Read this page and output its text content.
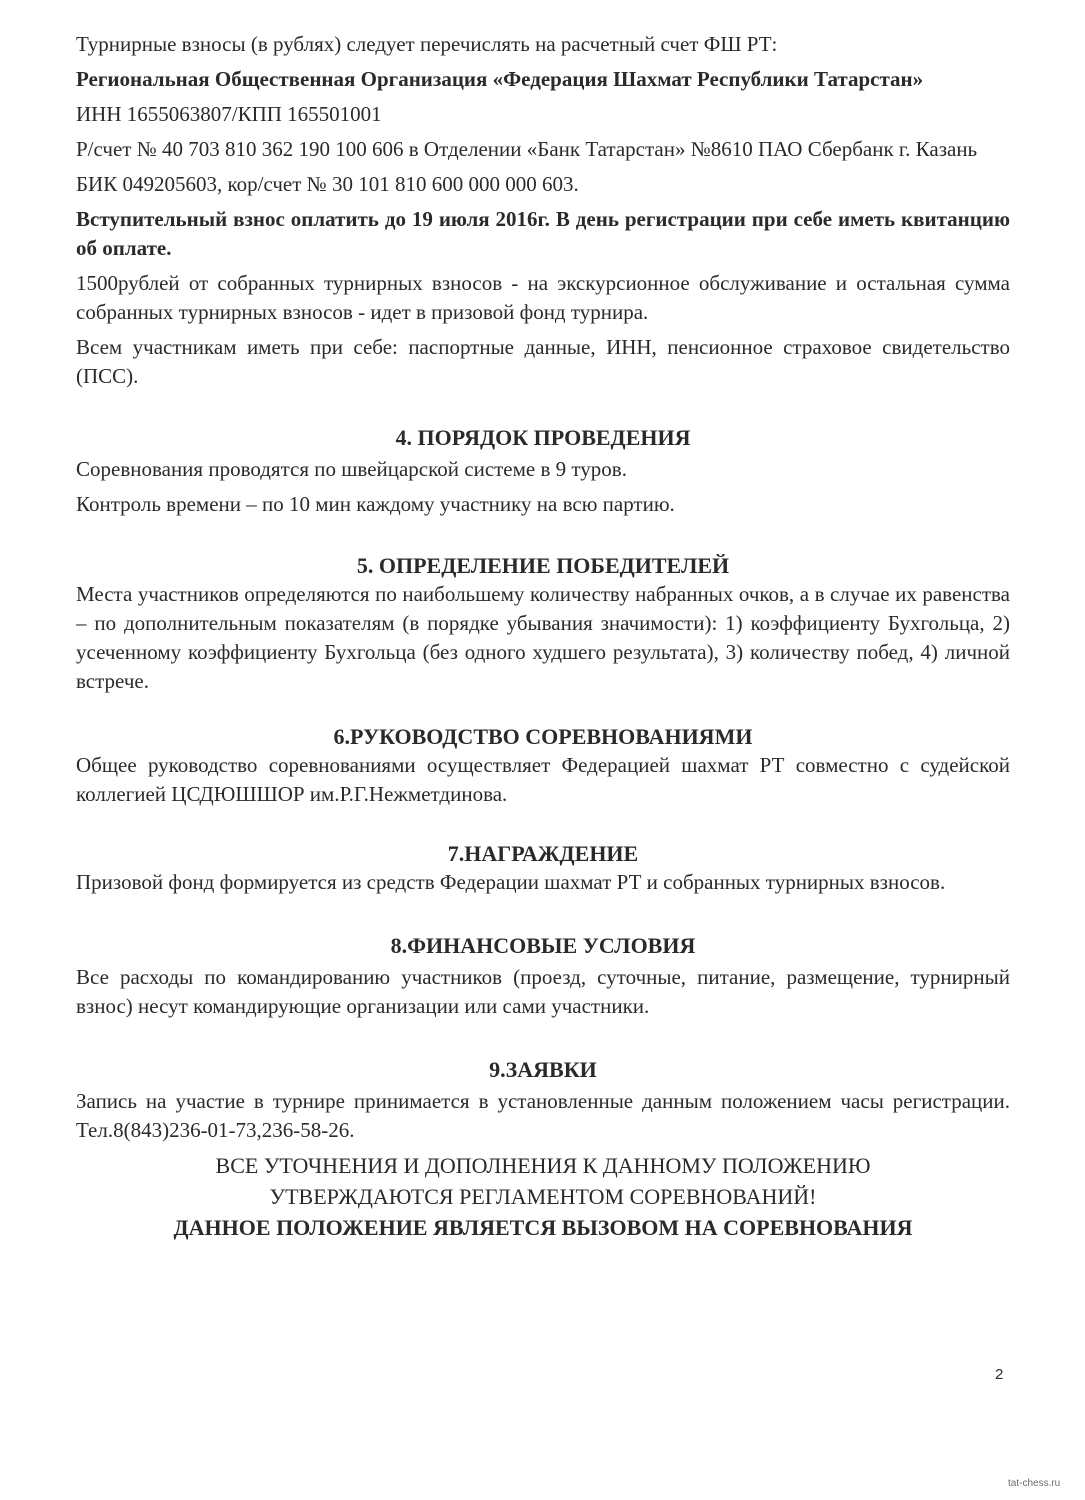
Турнирные взносы (в рублях) следует перечислять на расчетный счет ФШ РТ:

Региональная Общественная Организация «Федерация Шахмат Республики Татарстан»

ИНН 1655063807/КПП 165501001

Р/счет № 40 703 810 362 190 100 606 в Отделении «Банк Татарстан» №8610 ПАО Сбербанк г. Казань

БИК 049205603, кор/счет № 30 101 810 600 000 000 603.

Вступительный взнос оплатить до 19 июля 2016г. В день регистрации при себе иметь квитанцию об оплате.

1500рублей от собранных турнирных взносов - на экскурсионное обслуживание и остальная сумма собранных турнирных взносов - идет в призовой фонд турнира.

Всем участникам иметь при себе: паспортные данные, ИНН, пенсионное страховое свидетельство (ПСС).

4. ПОРЯДОК ПРОВЕДЕНИЯ

Соревнования проводятся по швейцарской системе в 9 туров.

Контроль времени – по 10 мин каждому участнику на всю партию.

5. ОПРЕДЕЛЕНИЕ ПОБЕДИТЕЛЕЙ

Места участников определяются по наибольшему количеству набранных очков, а в случае их равенства – по дополнительным показателям (в порядке убывания значимости): 1) коэффициенту Бухгольца, 2) усеченному коэффициенту Бухгольца (без одного худшего результата), 3) количеству побед, 4) личной встрече.

6.РУКОВОДСТВО СОРЕВНОВАНИЯМИ

Общее руководство соревнованиями осуществляет Федерацией шахмат РТ совместно с судейской коллегией ЦСДЮШШОР им.Р.Г.Нежметдинова.

7.НАГРАЖДЕНИЕ

Призовой фонд формируется из средств Федерации шахмат РТ и собранных турнирных взносов.

8.ФИНАНСОВЫЕ УСЛОВИЯ

Все расходы по командированию участников (проезд, суточные, питание, размещение, турнирный взнос) несут командирующие организации или сами участники.

9.ЗАЯВКИ

Запись на участие в турнире принимается в установленные данным положением часы регистрации. Тел.8(843)236-01-73,236-58-26.

ВСЕ УТОЧНЕНИЯ И ДОПОЛНЕНИЯ К ДАННОМУ ПОЛОЖЕНИЮ
УТВЕРЖДАЮТСЯ РЕГЛАМЕНТОМ СОРЕВНОВАНИЙ!
ДАННОЕ ПОЛОЖЕНИЕ ЯВЛЯЕТСЯ ВЫЗОВОМ НА СОРЕВНОВАНИЯ
2
tat-chess.ru
